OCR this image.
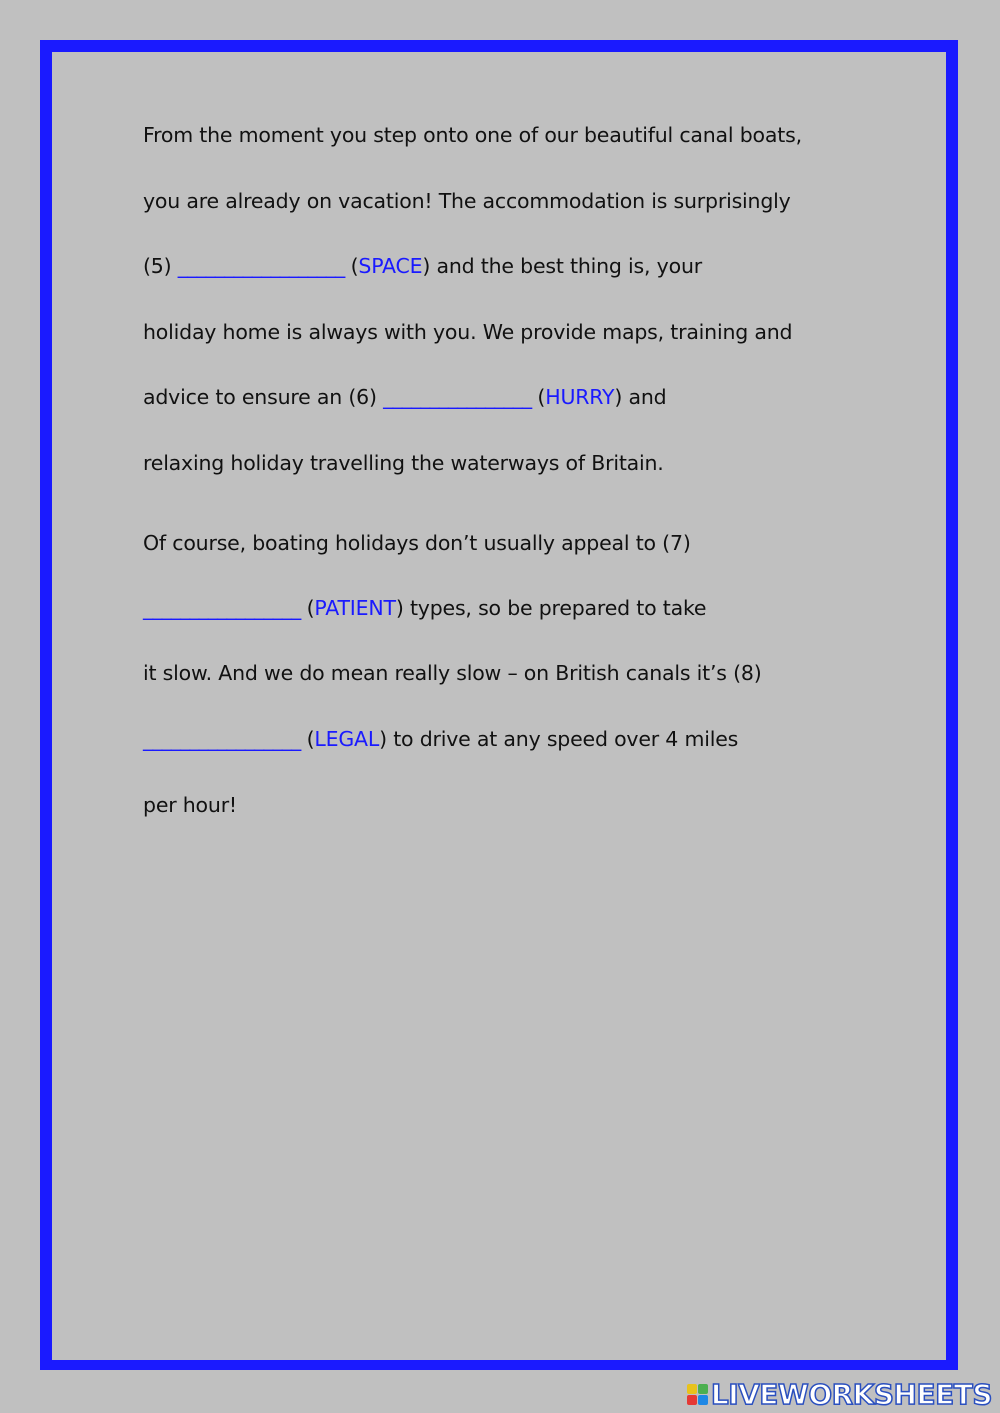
From the moment you step onto one of our beautiful canal boats,
you are already on vacation! The accommodation is surprisingly
(5) __________________ (SPACE) and the best thing is, your
holiday home is always with you. We provide maps, training and
advice to ensure an (6) ________________ (HURRY) and
relaxing holiday travelling the waterways of Britain.
Of course, boating holidays don’t usually appeal to (7)
_________________ (PATIENT) types, so be prepared to take
it slow. And we do mean really slow – on British canals it’s (8)
_________________ (LEGAL) to drive at any speed over 4 miles
per hour!
LIVEWORKSHEETS
